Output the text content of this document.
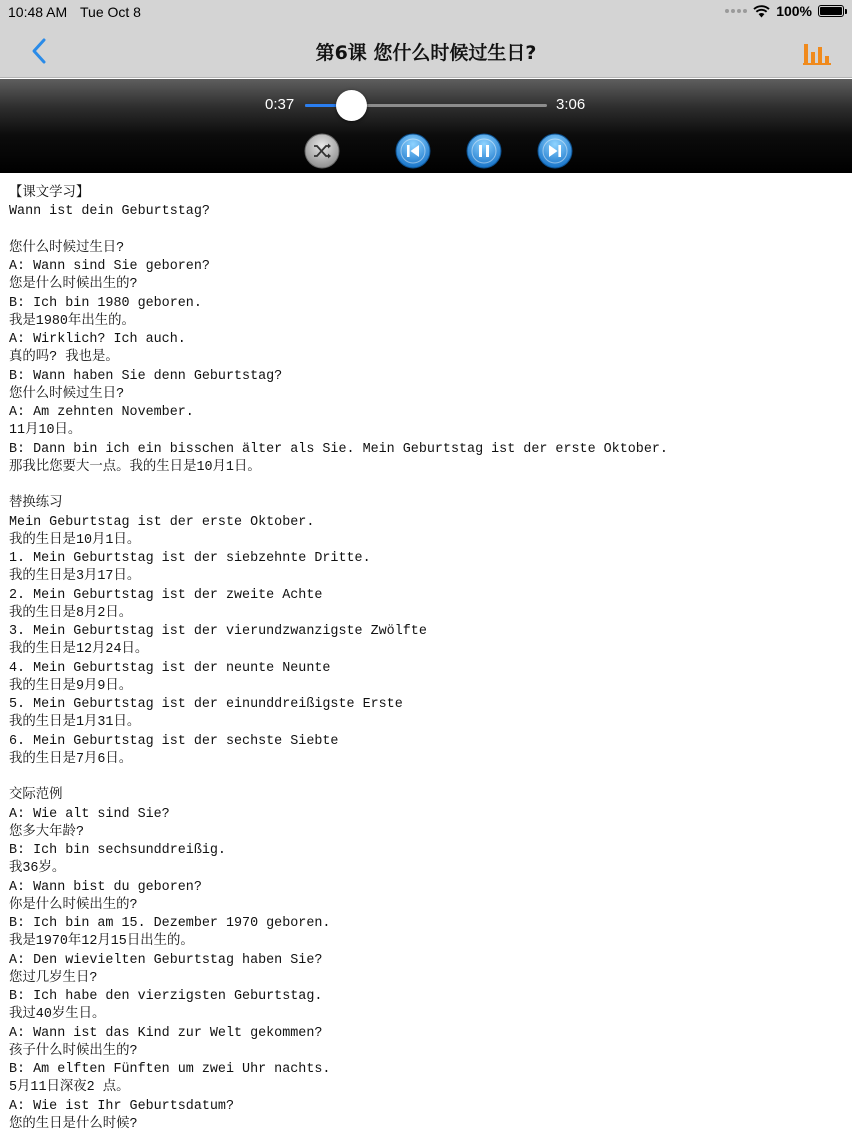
10:48 AM Tue Oct 8	100%
第6课 您什么时候过生日?
0:37	3:06
【课文学习】
Wann ist dein Geburtstag?
您什么时候过生日?
A: Wann sind Sie geboren?
您是什么时候出生的?
B: Ich bin 1980 geboren.
我是1980年出生的。
A: Wirklich? Ich auch.
真的吗? 我也是。
B: Wann haben Sie denn Geburtstag?
您什么时候过生日?
A: Am zehnten November.
11月10日。
B: Dann bin ich ein bisschen älter als Sie. Mein Geburtstag ist der erste Oktober.
那我比您要大一点。我的生日是10月1日。
替换练习
Mein Geburtstag ist der erste Oktober.
我的生日是10月1日。
1. Mein Geburtstag ist der siebzehnte Dritte.
我的生日是3月17日。
2. Mein Geburtstag ist der zweite Achte
我的生日是8月2日。
3. Mein Geburtstag ist der vierundzwanzigste Zwölfte
我的生日是12月24日。
4. Mein Geburtstag ist der neunte Neunte
我的生日是9月9日。
5. Mein Geburtstag ist der einunddreißigste Erste
我的生日是1月31日。
6. Mein Geburtstag ist der sechste Siebte
我的生日是7月6日。
交际范例
A: Wie alt sind Sie?
您多大年龄?
B: Ich bin sechsunddreißig.
我36岁。
A: Wann bist du geboren?
你是什么时候出生的?
B: Ich bin am 15. Dezember 1970 geboren.
我是1970年12月15日出生的。
A: Den wievielten Geburtstag haben Sie?
您过几岁生日?
B: Ich habe den vierzigsten Geburtstag.
我过40岁生日。
A: Wann ist das Kind zur Welt gekommen?
孩子什么时候出生的?
B: Am elften Fünften um zwei Uhr nachts.
5月11日深夜2 点。
A: Wie ist Ihr Geburtsdatum?
您的生日是什么时候?
